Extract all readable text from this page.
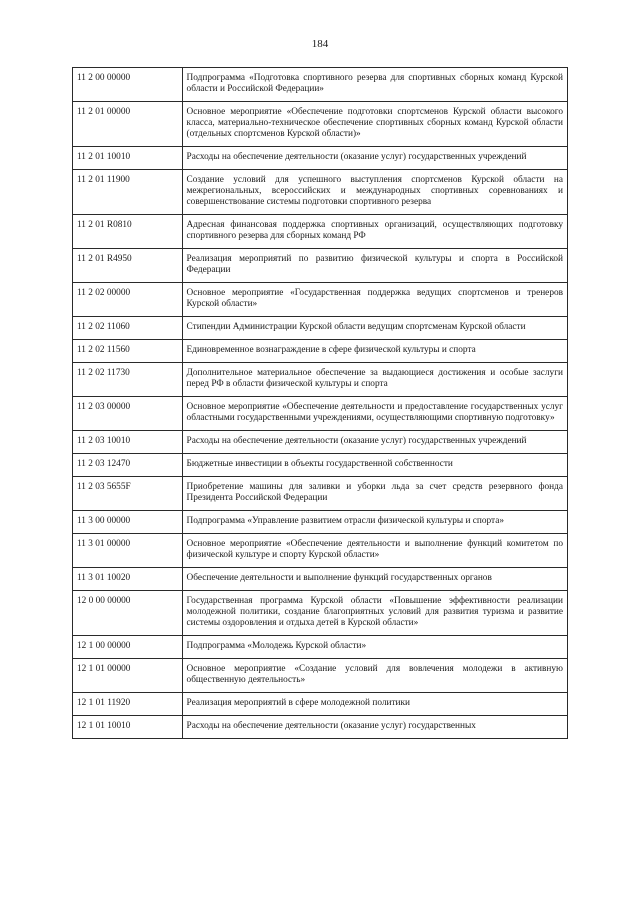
184
11 2 00 00000	Подпрограмма «Подготовка спортивного резерва для спортивных сборных команд Курской области и Российской Федерации»
11 2 01 00000	Основное мероприятие «Обеспечение подготовки спортсменов Курской области высокого класса, материально-техническое обеспечение спортивных сборных команд Курской области (отдельных спортсменов Курской области)»
11 2 01 10010	Расходы на обеспечение деятельности (оказание услуг) государственных учреждений
11 2 01 11900	Создание условий для успешного выступления спортсменов Курской области на межрегиональных, всероссийских и международных спортивных соревнованиях и совершенствование системы подготовки спортивного резерва
11 2 01 R0810	Адресная финансовая поддержка спортивных организаций, осуществляющих подготовку спортивного резерва для сборных команд РФ
11 2 01 R4950	Реализация мероприятий по развитию физической культуры и спорта в Российской Федерации
11 2 02 00000	Основное мероприятие «Государственная поддержка ведущих спортсменов и тренеров Курской области»
11 2 02 11060	Стипендии Администрации Курской области ведущим спортсменам Курской области
11 2 02 11560	Единовременное вознаграждение в сфере физической культуры и спорта
11 2 02 11730	Дополнительное материальное обеспечение за выдающиеся достижения и особые заслуги перед РФ в области физической культуры и спорта
11 2 03 00000	Основное мероприятие «Обеспечение деятельности и предоставление государственных услуг областными государственными учреждениями, осуществляющими спортивную подготовку»
11 2 03 10010	Расходы на обеспечение деятельности (оказание услуг) государственных учреждений
11 2 03 12470	Бюджетные инвестиции в объекты государственной собственности
11 2 03 5655F	Приобретение машины для заливки и уборки льда за счет средств резервного фонда Президента Российской Федерации
11 3 00 00000	Подпрограмма «Управление развитием отрасли физической культуры и спорта»
11 3 01 00000	Основное мероприятие «Обеспечение деятельности и выполнение функций комитетом по физической культуре и спорту Курской области»
11 3 01 10020	Обеспечение деятельности и выполнение функций государственных органов
12 0 00 00000	Государственная программа Курской области «Повышение эффективности реализации молодежной политики, создание благоприятных условий для развития туризма и развитие системы оздоровления и отдыха детей в Курской области»
12 1 00 00000	Подпрограмма «Молодежь Курской области»
12 1 01 00000	Основное мероприятие «Создание условий для вовлечения молодежи в активную общественную деятельность»
12 1 01 11920	Реализация мероприятий в сфере молодежной политики
12 1 01 10010	Расходы на обеспечение деятельности (оказание услуг) государственных
